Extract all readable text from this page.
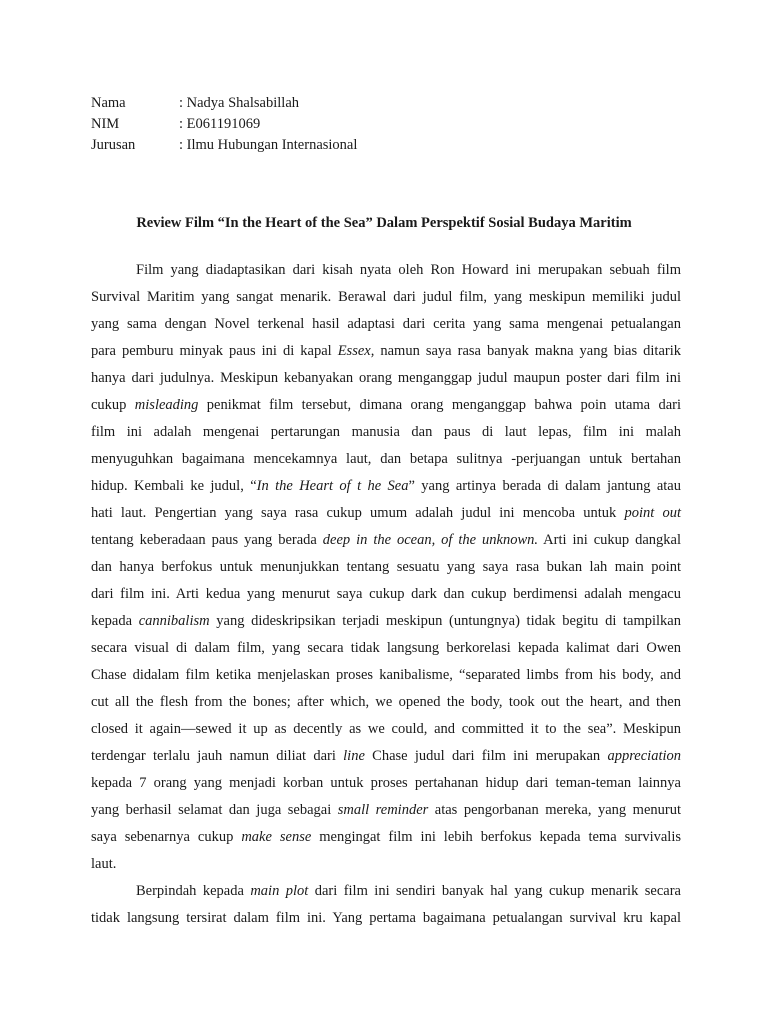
Nama	: Nadya Shalsabillah
NIM	: E061191069
Jurusan	: Ilmu Hubungan Internasional
Review Film “In the Heart of the Sea” Dalam Perspektif Sosial Budaya Maritim
Film yang diadaptasikan dari kisah nyata oleh Ron Howard ini merupakan sebuah film
Survival Maritim yang sangat menarik. Berawal dari judul film, yang meskipun memiliki judul
yang sama dengan Novel terkenal hasil adaptasi dari cerita yang sama mengenai petualangan
para pemburu minyak paus ini di kapal Essex, namun saya rasa banyak makna yang bias ditarik
hanya dari judulnya. Meskipun kebanyakan orang menganggap judul maupun poster dari film ini
cukup misleading penikmat film tersebut, dimana orang menganggap bahwa poin utama dari
film ini adalah mengenai pertarungan manusia dan paus di laut lepas, film ini malah
menyuguhkan bagaimana mencekamnya laut, dan betapa sulitnya -perjuangan untuk bertahan
hidup. Kembali ke judul, “In the Heart of t he Sea” yang artinya berada di dalam jantung atau
hati laut. Pengertian yang saya rasa cukup umum adalah judul ini mencoba untuk point out
tentang keberadaan paus yang berada deep in the ocean, of the unknown. Arti ini cukup dangkal
dan hanya berfokus untuk menunjukkan tentang sesuatu yang saya rasa bukan lah main point
dari film ini. Arti kedua yang menurut saya cukup dark dan cukup berdimensi adalah mengacu
kepada cannibalism yang dideskripsikan terjadi meskipun (untungnya) tidak begitu di tampilkan
secara visual di dalam film, yang secara tidak langsung berkorelasi kepada kalimat dari Owen
Chase didalam film ketika menjelaskan proses kanibalisme, “separated limbs from his body, and
cut all the flesh from the bones; after which, we opened the body, took out the heart, and then
closed it again—sewed it up as decently as we could, and committed it to the sea”. Meskipun
terdengar terlalu jauh namun diliat dari line Chase judul dari film ini merupakan appreciation
kepada 7 orang yang menjadi korban untuk proses pertahanan hidup dari teman-teman lainnya
yang berhasil selamat dan juga sebagai small reminder atas pengorbanan mereka, yang menurut
saya sebenarnya cukup make sense mengingat film ini lebih berfokus kepada tema survivalis
laut.
Berpindah kepada main plot dari film ini sendiri banyak hal yang cukup menarik secara
tidak langsung tersirat dalam film ini. Yang pertama bagaimana petualangan survival kru kapal
